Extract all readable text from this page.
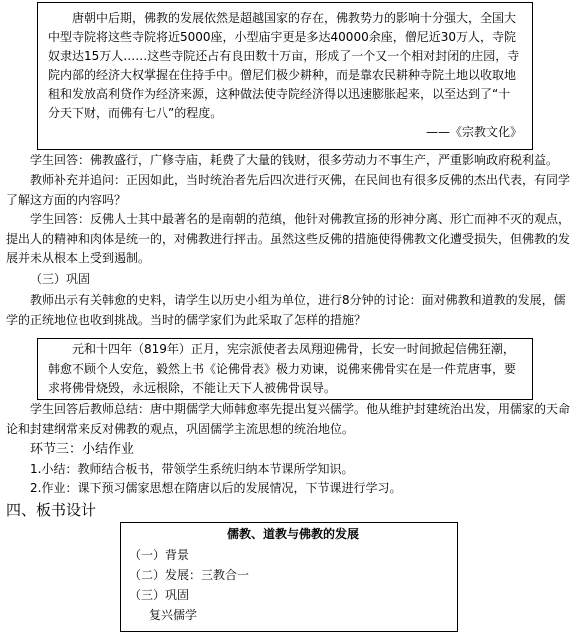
唐朝中后期，佛教的发展依然是超越国家的存在，佛教势力的影响十分强大，全国大中型寺院将这些寺院将近5000座，小型庙宇更是多达40000余座，僧尼近30万人，寺院奴隶达15万人……这些寺院还占有良田数十万亩，形成了一个又一个相对封闭的庄园，寺院内部的经济大权掌握在住持手中。僧尼们极少耕种，而是靠农民耕种寺院土地以收取地租和发放高利贷作为经济来源，这种做法使寺院经济得以迅速膨胀起来，以至达到了“十分天下财，而佛有七八”的程度。

——《宗教文化》

学生回答：佛教盛行，广修寺庙，耗费了大量的钱财，很多劳动力不事生产，严重影响政府税利益。

教师补充并追问：正因如此，当时统治者先后四次进行灭佛，在民间也有很多反佛的杰出代表，有同学了解这方面的内容吗？

学生回答：反佛人士其中最著名的是南朝的范缜，他针对佛教宣扬的形神分离、形亡而神不灭的观点，提出人的精神和肉体是统一的，对佛教进行抨击。虽然这些反佛的措施使得佛教文化遭受损失，但佛教的发展并未从根本上受到遏制。

（三）巩固

教师出示有关韩愈的史料，请学生以历史小组为单位，进行8分钟的讨论：面对佛教和道教的发展，儒学的正统地位也收到挑战。当时的儒学家们为此采取了怎样的措施？

元和十四年（819年）正月，宪宗派使者去凤翔迎佛骨，长安一时间掀起信佛狂潮，韩愈不顾个人安危，毅然上书《论佛骨表》极力劝谏，说佛来佛骨实在是一件荒唐事，要求将佛骨烧毁，永远根除，不能让天下人被佛骨误导。

学生回答后教师总结：唐中期儒学大师韩愈率先提出复兴儒学。他从维护封建统治出发，用儒家的天命论和封建纲常来反对佛教的观点，巩固儒学主流思想的统治地位。

环节三：小结作业

1.小结：教师结合板书，带领学生系统归纳本节课所学知识。

2.作业：课下预习儒家思想在隋唐以后的发展情况，下节课进行学习。

四、板书设计

儒教、道教与佛教的发展

（一）背景

（二）发展：三教合一

（三）巩固

复兴儒学
